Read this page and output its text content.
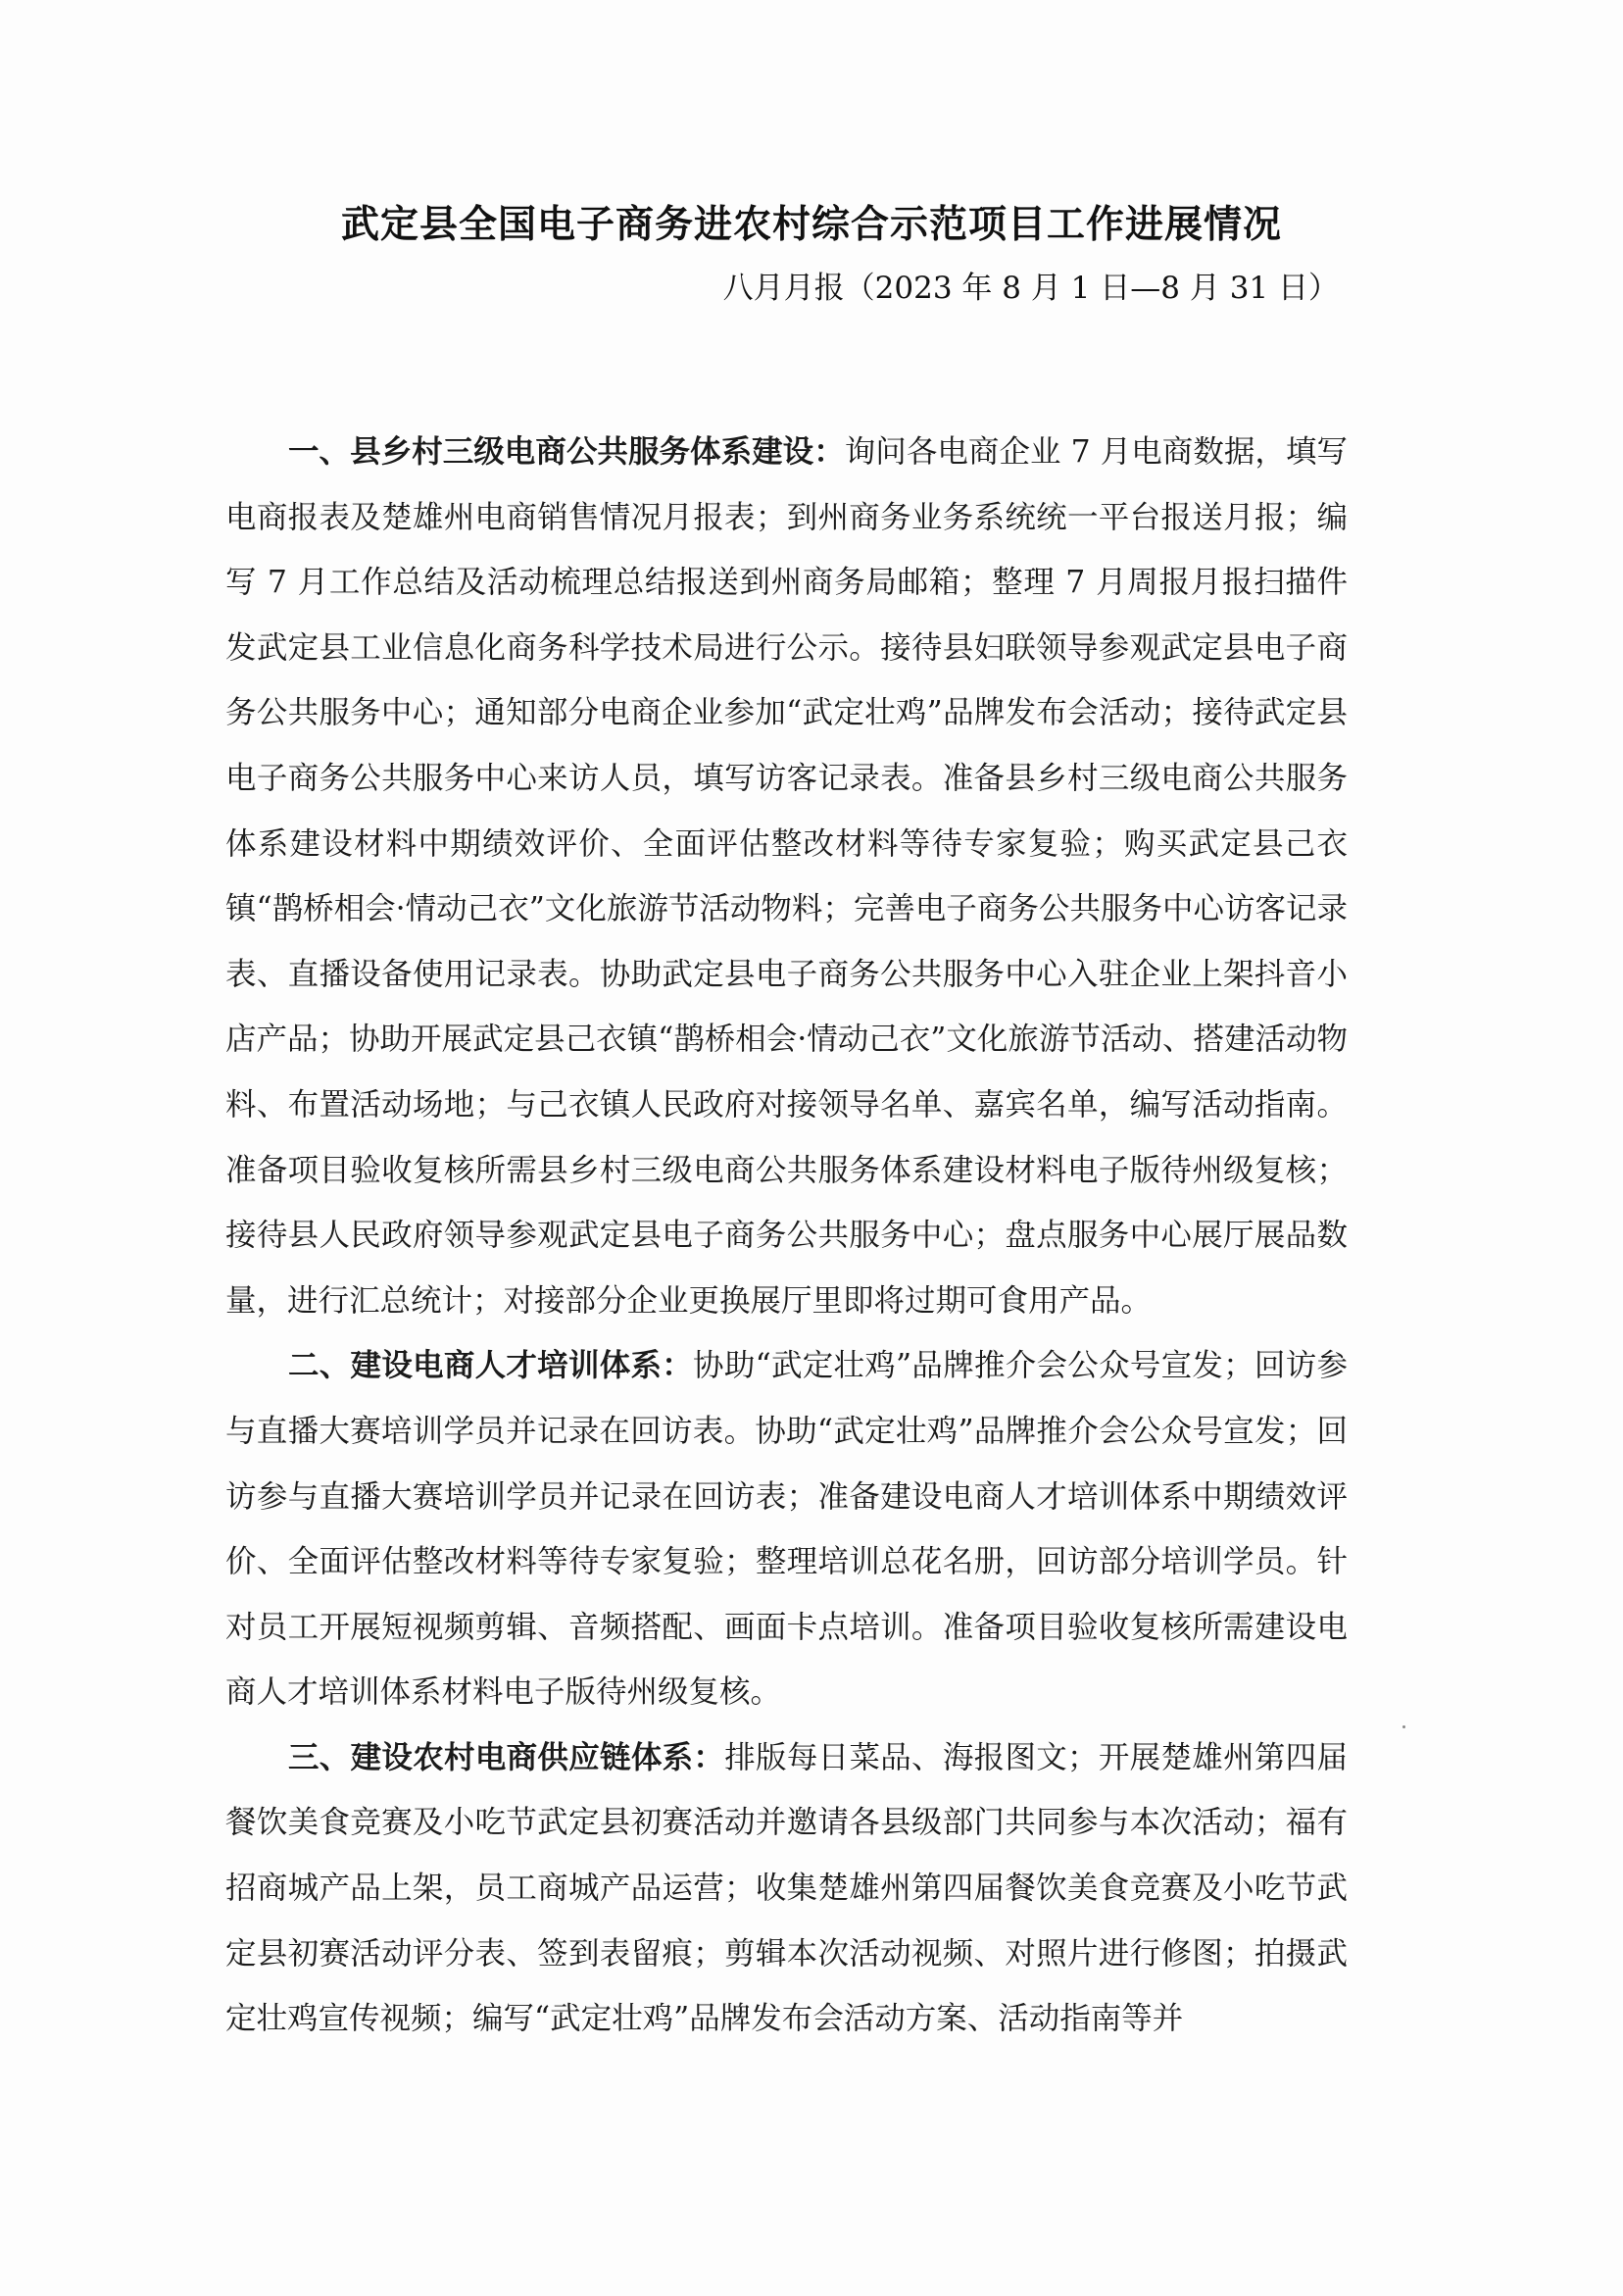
武定县全国电子商务进农村综合示范项目工作进展情况

八月月报（2023 年 8 月 1 日—8 月 31 日）

一、县乡村三级电商公共服务体系建设：询问各电商企业 7 月电商数据，填写电商报表及楚雄州电商销售情况月报表；到州商务业务系统统一平台报送月报；编写 7 月工作总结及活动梳理总结报送到州商务局邮箱；整理 7 月周报月报扫描件发武定县工业信息化商务科学技术局进行公示。接待县妇联领导参观武定县电子商务公共服务中心；通知部分电商企业参加“武定壮鸡”品牌发布会活动；接待武定县电子商务公共服务中心来访人员，填写访客记录表。准备县乡村三级电商公共服务体系建设材料中期绩效评价、全面评估整改材料等待专家复验；购买武定县己衣镇“鹊桥相会·情动己衣”文化旅游节活动物料；完善电子商务公共服务中心访客记录表、直播设备使用记录表。协助武定县电子商务公共服务中心入驻企业上架抖音小店产品；协助开展武定县己衣镇“鹊桥相会·情动己衣”文化旅游节活动、搭建活动物料、布置活动场地；与己衣镇人民政府对接领导名单、嘉宾名单，编写活动指南。准备项目验收复核所需县乡村三级电商公共服务体系建设材料电子版待州级复核；接待县人民政府领导参观武定县电子商务公共服务中心；盘点服务中心展厅展品数量，进行汇总统计；对接部分企业更换展厅里即将过期可食用产品。

二、建设电商人才培训体系：协助“武定壮鸡”品牌推介会公众号宣发；回访参与直播大赛培训学员并记录在回访表。协助“武定壮鸡”品牌推介会公众号宣发；回访参与直播大赛培训学员并记录在回访表；准备建设电商人才培训体系中期绩效评价、全面评估整改材料等待专家复验；整理培训总花名册，回访部分培训学员。针对员工开展短视频剪辑、音频搭配、画面卡点培训。准备项目验收复核所需建设电商人才培训体系材料电子版待州级复核。

三、建设农村电商供应链体系：排版每日菜品、海报图文；开展楚雄州第四届餐饮美食竞赛及小吃节武定县初赛活动并邀请各县级部门共同参与本次活动；福有招商城产品上架，员工商城产品运营；收集楚雄州第四届餐饮美食竞赛及小吃节武定县初赛活动评分表、签到表留痕；剪辑本次活动视频、对照片进行修图；拍摄武定壮鸡宣传视频；编写“武定壮鸡”品牌发布会活动方案、活动指南等并
